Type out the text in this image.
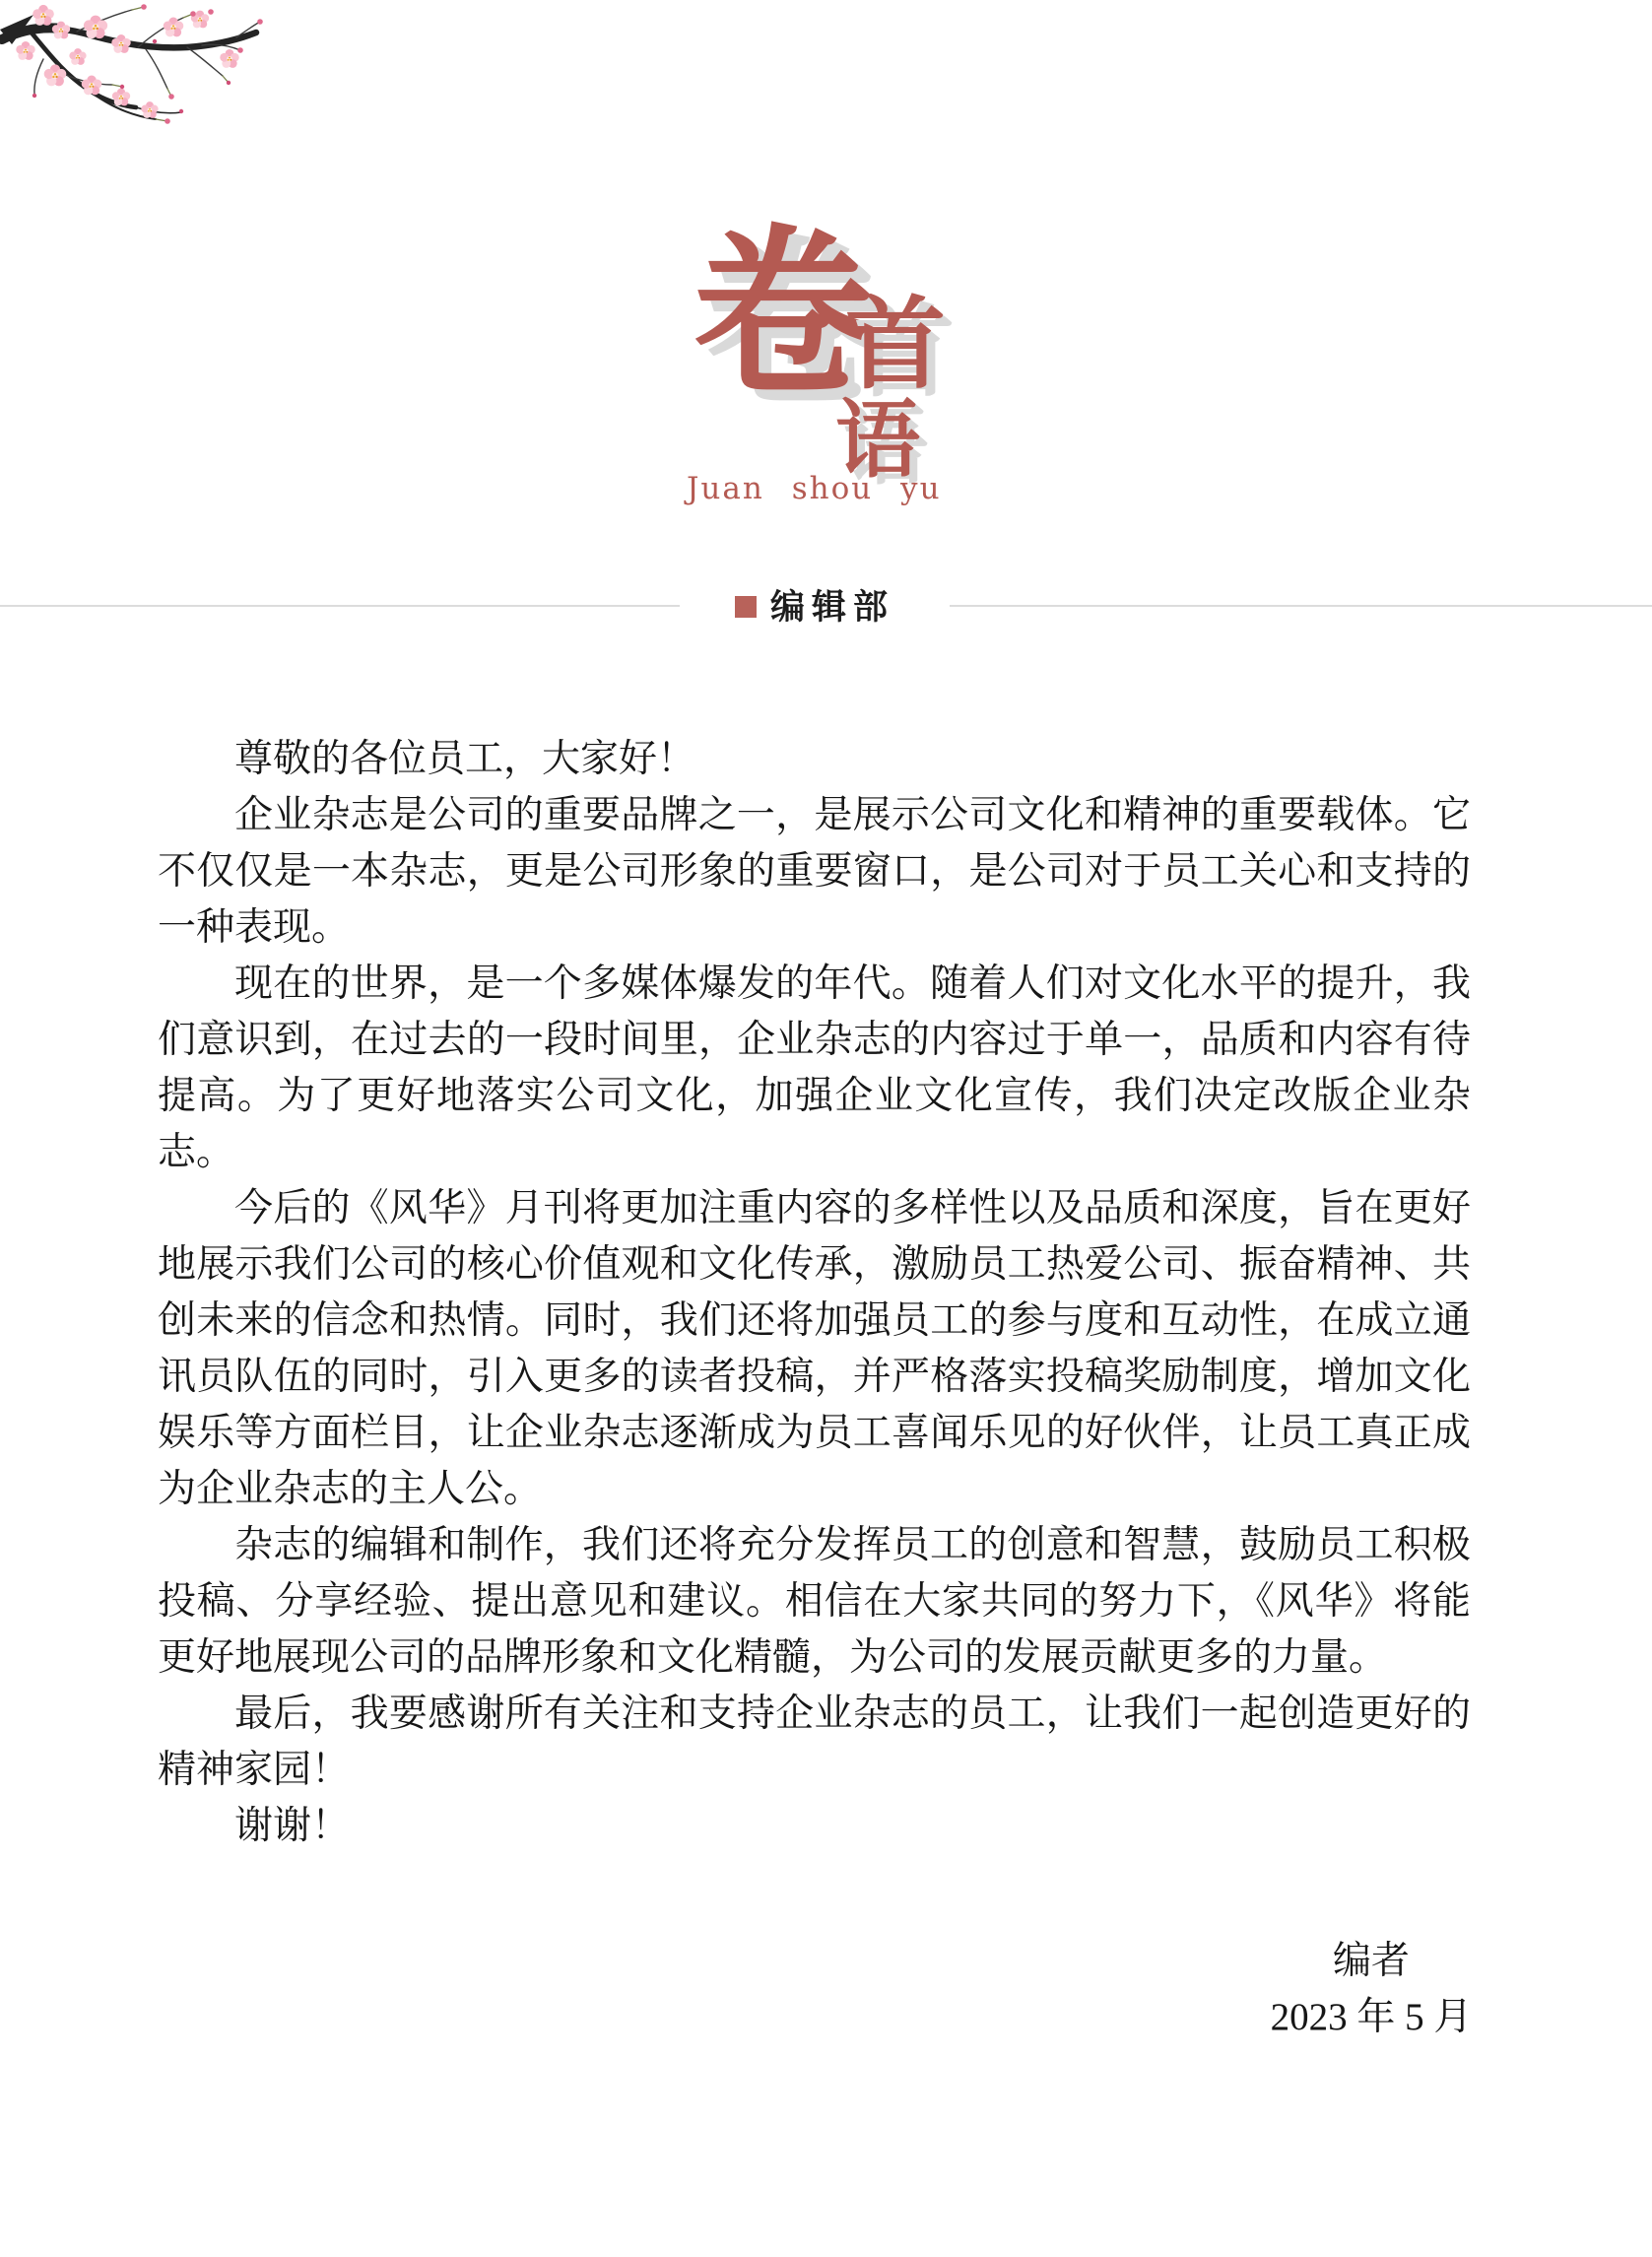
卷
首
语
Juan shou yu
编辑部

尊敬的各位员工，大家好！

企业杂志是公司的重要品牌之一，是展示公司文化和精神的重要载体。它不仅仅是一本杂志，更是公司形象的重要窗口，是公司对于员工关心和支持的一种表现。

现在的世界，是一个多媒体爆发的年代。随着人们对文化水平的提升，我们意识到，在过去的一段时间里，企业杂志的内容过于单一，品质和内容有待提高。为了更好地落实公司文化，加强企业文化宣传，我们决定改版企业杂志。

今后的《风华》月刊将更加注重内容的多样性以及品质和深度，旨在更好地展示我们公司的核心价值观和文化传承，激励员工热爱公司、振奋精神、共创未来的信念和热情。同时，我们还将加强员工的参与度和互动性，在成立通讯员队伍的同时，引入更多的读者投稿，并严格落实投稿奖励制度，增加文化娱乐等方面栏目，让企业杂志逐渐成为员工喜闻乐见的好伙伴，让员工真正成为企业杂志的主人公。

杂志的编辑和制作，我们还将充分发挥员工的创意和智慧，鼓励员工积极投稿、分享经验、提出意见和建议。相信在大家共同的努力下，《风华》将能更好地展现公司的品牌形象和文化精髓，为公司的发展贡献更多的力量。

最后，我要感谢所有关注和支持企业杂志的员工，让我们一起创造更好的精神家园！

谢谢！

编者
2023 年 5 月
